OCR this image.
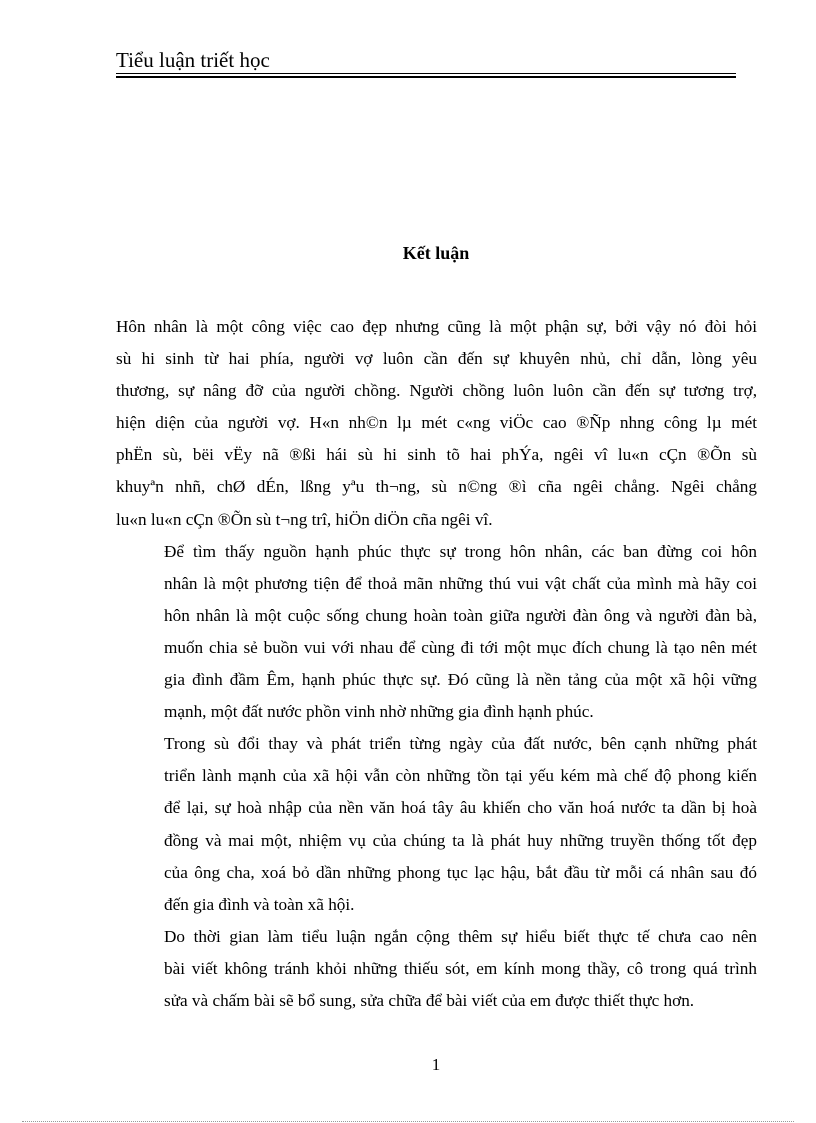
Tiểu luận triết học
Kết luận

Hôn nhân là một công việc cao đẹp nhưng cũng là một phận sự, bởi vậy nó đòi hỏi
sù hi sinh từ hai phía, người vợ luôn cần đến sự khuyên nhủ, chỉ dẫn, lòng yêu
thương, sự nâng đỡ của người chồng. Người chồng luôn luôn cần đến sự tương trợ,
hiện diện của người vợ. H«n nh©n lµ mét c«ng viÖc cao ®Ñp nhng công lµ mét
phËn sù, bëi vËy nã ®ßi hái sù hi sinh tõ hai phÝa, ngêi vî lu«n cÇn ®Õn sù
khuyªn nhñ, chØ dÉn, lßng yªu th¬ng, sù n©ng ®ì cña ngêi chång. Ngêi chång
lu«n lu«n cÇn ®Õn sù t¬ng trî, hiÖn diÖn cña ngêi vî.

Để tìm thấy nguồn hạnh phúc thực sự trong hôn nhân, các ban đừng coi hôn
nhân là một phương tiện để thoả mãn những thú vui vật chất của mình mà hãy coi
hôn nhân là một cuộc sống chung hoàn toàn giữa người đàn ông và người đàn bà,
muốn chia sẻ buồn vui với nhau để cùng đi tới một mục đích chung là tạo nên mét
gia đình đầm Êm, hạnh phúc thực sự. Đó cũng là nền tảng của một xã hội vững
mạnh, một đất nước phồn vinh nhờ những gia đình hạnh phúc.

Trong sù đổi thay và phát triển từng ngày của đất nước, bên cạnh những phát
triển lành mạnh của xã hội vẫn còn những tồn tại yếu kém mà chế độ phong kiến
để lại, sự hoà nhập của nền văn hoá tây âu khiến cho văn hoá nước ta dần bị hoà
đồng và mai một, nhiệm vụ của chúng ta là phát huy những truyền thống tốt đẹp
của ông cha, xoá bỏ dần những phong tục lạc hậu, bắt đầu từ mỗi cá nhân sau đó
đến gia đình và toàn xã hội.

Do thời gian làm tiểu luận ngắn cộng thêm sự hiểu biết thực tế chưa cao nên
bài viết không tránh khỏi những thiếu sót, em kính mong thầy, cô trong quá trình
sửa và chấm bài sẽ bổ sung, sửa chữa để bài viết của em được thiết thực hơn.

1
